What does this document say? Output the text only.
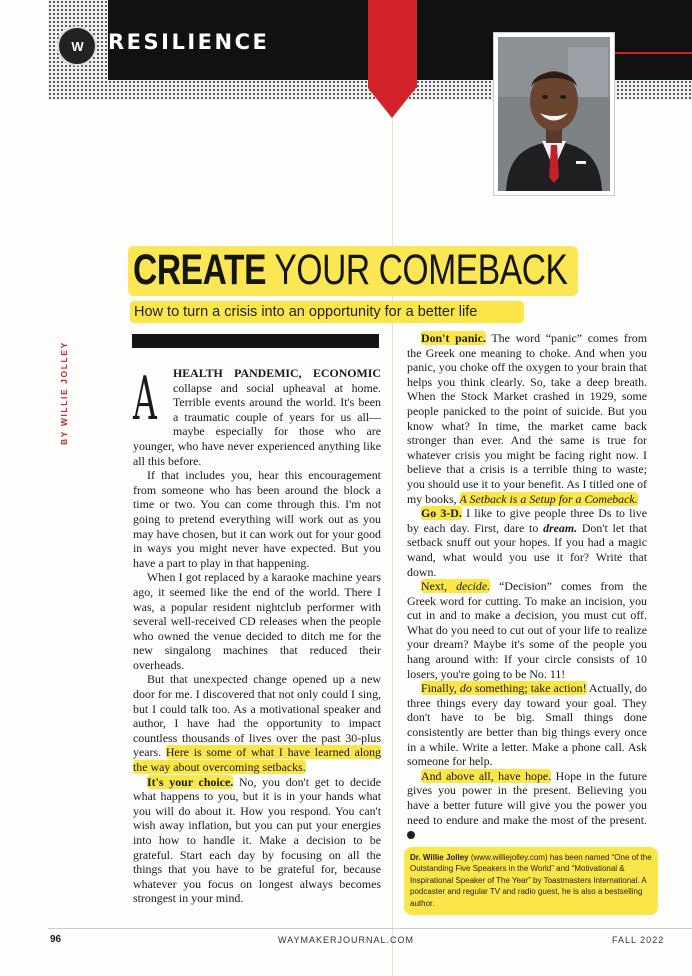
W RESILIENCE
CREATE YOUR COMEBACK
How to turn a crisis into an opportunity for a better life
BY WILLIE JOLLEY A HEALTH PANDEMIC, ECONOMIC collapse and social upheaval at home. Terrible events around the world. It's been a traumatic couple of years for us all—maybe especially for those who are younger, who have never experienced anything like all this before.

If that includes you, hear this encouragement from someone who has been around the block a time or two. You can come through this. I'm not going to pretend everything will work out as you may have chosen, but it can work out for your good in ways you might never have expected. But you have a part to play in that happening.

When I got replaced by a karaoke machine years ago, it seemed like the end of the world. There I was, a popular resident nightclub performer with several well-received CD releases when the people who owned the venue decided to ditch me for the new singalong machines that reduced their overheads.

But that unexpected change opened up a new door for me. I discovered that not only could I sing, but I could talk too. As a motivational speaker and author, I have had the opportunity to impact countless thousands of lives over the past 30-plus years. Here is some of what I have learned along the way about overcoming setbacks.

It's your choice. No, you don't get to decide what happens to you, but it is in your hands what you will do about it. How you respond. You can't wish away inflation, but you can put your energies into how to handle it. Make a decision to be grateful. Start each day by focusing on all the things that you have to be grateful for, because whatever you focus on longest always becomes strongest in your mind.

Don't panic. The word “panic” comes from the Greek one meaning to choke. And when you panic, you choke off the oxygen to your brain that helps you think clearly. So, take a deep breath. When the Stock Market crashed in 1929, some people panicked to the point of suicide. But you know what? In time, the market came back stronger than ever. And the same is true for whatever crisis you might be facing right now. I believe that a crisis is a terrible thing to waste; you should use it to your benefit. As I titled one of my books, A Setback is a Setup for a Comeback.

Go 3-D. I like to give people three Ds to live by each day. First, dare to dream. Don't let that setback snuff out your hopes. If you had a magic wand, what would you use it for? Write that down.

Next, decide. “Decision” comes from the Greek word for cutting. To make an incision, you cut in and to make a decision, you must cut off. What do you need to cut out of your life to realize your dream? Maybe it's some of the people you hang around with: If your circle consists of 10 losers, you're going to be No. 11!

Finally, do something; take action! Actually, do three things every day toward your goal. They don't have to be big. Small things done consistently are better than big things every once in a while. Write a letter. Make a phone call. Ask someone for help.

And above all, have hope. Hope in the future gives you power in the present. Believing you have a better future will give you the power you need to endure and make the most of the present.

Dr. Willie Jolley (www.williejolley.com) has been named “One of the Outstanding Five Speakers in the World” and “Motivational & Inspirational Speaker of The Year” by Toastmasters International. A podcaster and regular TV and radio guest, he is also a bestselling author.
96	WAYMAKERJOURNAL.COM	FALL 2022
